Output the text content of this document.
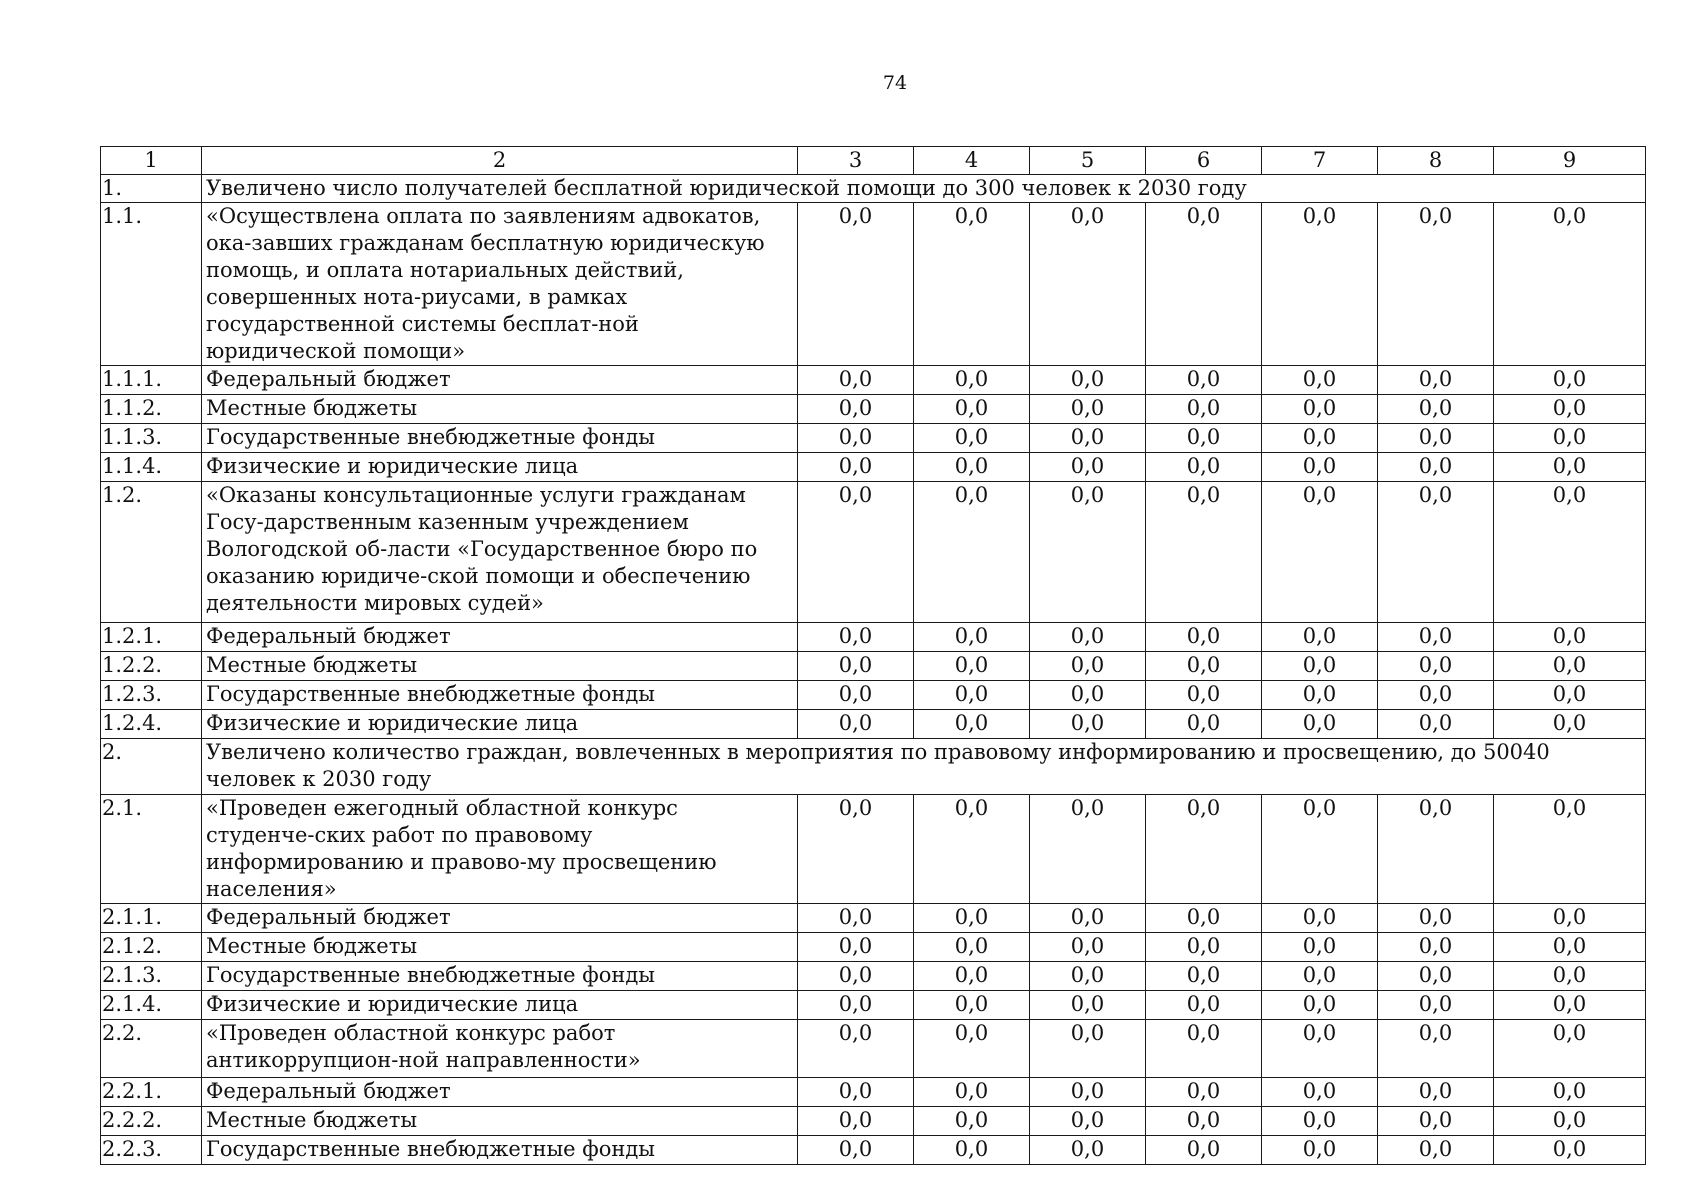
74
1	2	3	4	5	6	7	8	9
1.	Увеличено число получателей бесплатной юридической помощи до 300 человек к 2030 году							
1.1.	«Осуществлена оплата по заявлениям адвокатов, ока-завших гражданам бесплатную юридическую помощь, и оплата нотариальных действий, совершенных нота-риусами, в рамках государственной системы бесплат-ной юридической помощи»	0,0	0,0	0,0	0,0	0,0	0,0	0,0
1.1.1.	Федеральный бюджет	0,0	0,0	0,0	0,0	0,0	0,0	0,0
1.1.2.	Местные бюджеты	0,0	0,0	0,0	0,0	0,0	0,0	0,0
1.1.3.	Государственные внебюджетные фонды	0,0	0,0	0,0	0,0	0,0	0,0	0,0
1.1.4.	Физические и юридические лица	0,0	0,0	0,0	0,0	0,0	0,0	0,0
1.2.	«Оказаны консультационные услуги гражданам Госу-дарственным казенным учреждением Вологодской об-ласти «Государственное бюро по оказанию юридиче-ской помощи и обеспечению деятельности мировых судей»	0,0	0,0	0,0	0,0	0,0	0,0	0,0
1.2.1.	Федеральный бюджет	0,0	0,0	0,0	0,0	0,0	0,0	0,0
1.2.2.	Местные бюджеты	0,0	0,0	0,0	0,0	0,0	0,0	0,0
1.2.3.	Государственные внебюджетные фонды	0,0	0,0	0,0	0,0	0,0	0,0	0,0
1.2.4.	Физические и юридические лица	0,0	0,0	0,0	0,0	0,0	0,0	0,0
2.	Увеличено количество граждан, вовлеченных в мероприятия по правовому информированию и просвещению, до 50040 человек к 2030 году							
2.1.	«Проведен ежегодный областной конкурс студенче-ских работ по правовому информированию и правово-му просвещению населения»	0,0	0,0	0,0	0,0	0,0	0,0	0,0
2.1.1.	Федеральный бюджет	0,0	0,0	0,0	0,0	0,0	0,0	0,0
2.1.2.	Местные бюджеты	0,0	0,0	0,0	0,0	0,0	0,0	0,0
2.1.3.	Государственные внебюджетные фонды	0,0	0,0	0,0	0,0	0,0	0,0	0,0
2.1.4.	Физические и юридические лица	0,0	0,0	0,0	0,0	0,0	0,0	0,0
2.2.	«Проведен областной конкурс работ антикоррупцион-ной направленности»	0,0	0,0	0,0	0,0	0,0	0,0	0,0
2.2.1.	Федеральный бюджет	0,0	0,0	0,0	0,0	0,0	0,0	0,0
2.2.2.	Местные бюджеты	0,0	0,0	0,0	0,0	0,0	0,0	0,0
2.2.3.	Государственные внебюджетные фонды	0,0	0,0	0,0	0,0	0,0	0,0	0,0
